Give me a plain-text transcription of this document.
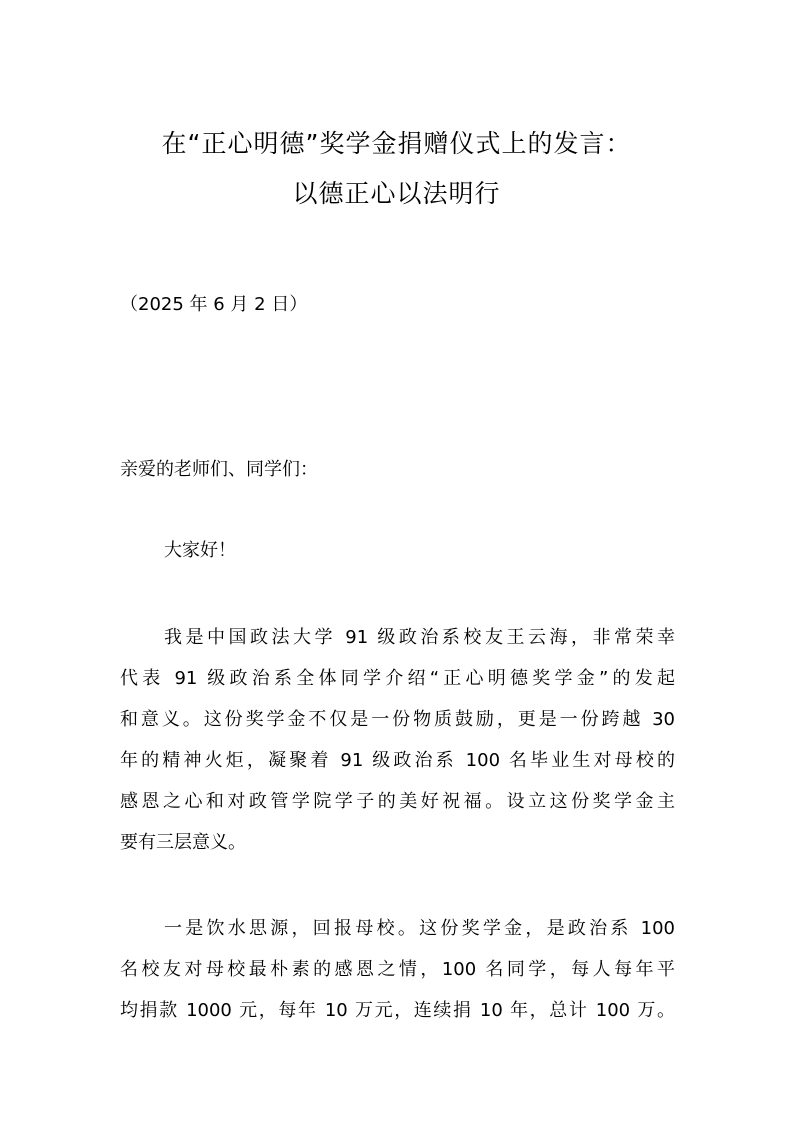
在“正心明德”奖学金捐赠仪式上的发言：
以德正心以法明行
（2025 年 6 月 2 日）
亲爱的老师们、同学们：
大家好！
我是中国政法大学 91 级政治系校友王云海，非常荣幸
代表 91 级政治系全体同学介绍“正心明德奖学金”的发起
和意义。这份奖学金不仅是一份物质鼓励，更是一份跨越 30
年的精神火炬，凝聚着 91 级政治系 100 名毕业生对母校的
感恩之心和对政管学院学子的美好祝福。设立这份奖学金主
要有三层意义。
一是饮水思源，回报母校。这份奖学金，是政治系 100
名校友对母校最朴素的感恩之情，100 名同学，每人每年平
均捐款 1000 元，每年 10 万元，连续捐 10 年，总计 100 万。
